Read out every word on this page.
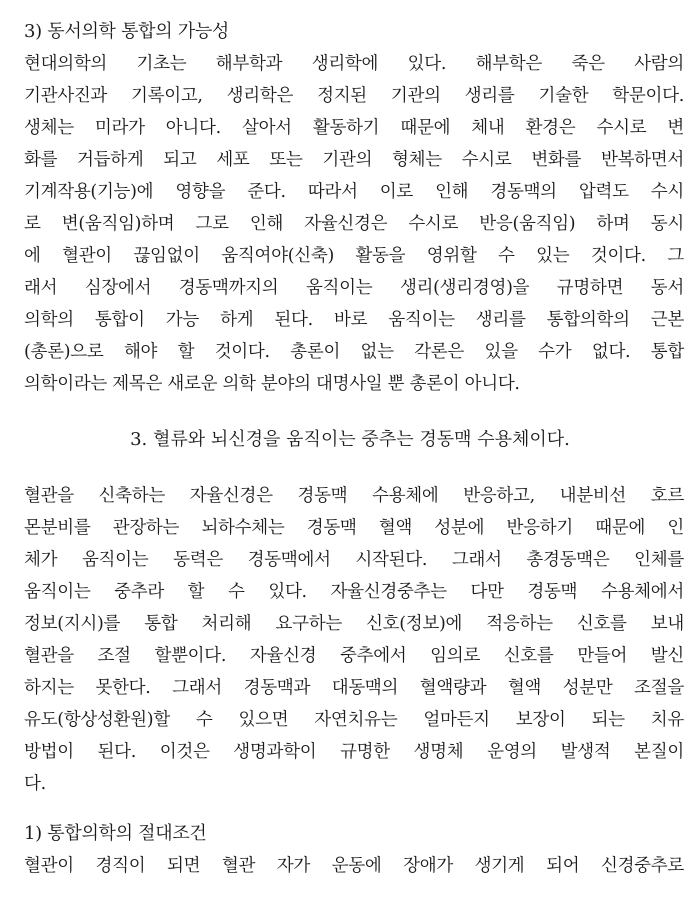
3) 동서의학 통합의 가능성
현대의학의 기초는 해부학과 생리학에 있다. 해부학은 죽은 사람의
기관사진과 기록이고, 생리학은 정지된 기관의 생리를 기술한 학문이다.
생체는 미라가 아니다. 살아서 활동하기 때문에 체내 환경은 수시로 변
화를 거듭하게 되고 세포 또는 기관의 형체는 수시로 변화를 반복하면서
기계작용(기능)에 영향을 준다. 따라서 이로 인해 경동맥의 압력도 수시
로 변(움직임)하며 그로 인해 자율신경은 수시로 반응(움직임) 하며 동시
에 혈관이 끊임없이 움직여야(신축) 활동을 영위할 수 있는 것이다. 그
래서 심장에서 경동맥까지의 움직이는 생리(생리경영)을 규명하면 동서
의학의 통합이 가능 하게 된다. 바로 움직이는 생리를 통합의학의 근본
(총론)으로 해야 할 것이다. 총론이 없는 각론은 있을 수가 없다. 통합
의학이라는 제목은 새로운 의학 분야의 대명사일 뿐 총론이 아니다.
3. 혈류와 뇌신경을 움직이는 중추는 경동맥 수용체이다.
혈관을 신축하는 자율신경은 경동맥 수용체에 반응하고, 내분비선 호르
몬분비를 관장하는 뇌하수체는 경동맥 혈액 성분에 반응하기 때문에 인
체가 움직이는 동력은 경동맥에서 시작된다. 그래서 총경동맥은 인체를
움직이는 중추라 할 수 있다. 자율신경중추는 다만 경동맥 수용체에서
정보(지시)를 통합 처리해 요구하는 신호(정보)에 적응하는 신호를 보내
혈관을 조절 할뿐이다. 자율신경 중추에서 임의로 신호를 만들어 발신
하지는 못한다. 그래서 경동맥과 대동맥의 혈액량과 혈액 성분만 조절을
유도(항상성환원)할 수 있으면 자연치유는 얼마든지 보장이 되는 치유
방법이 된다. 이것은 생명과학이 규명한 생명체 운영의 발생적 본질이
다.
1) 통합의학의 절대조건
혈관이 경직이 되면 혈관 자가 운동에 장애가 생기게 되어 신경중추로
